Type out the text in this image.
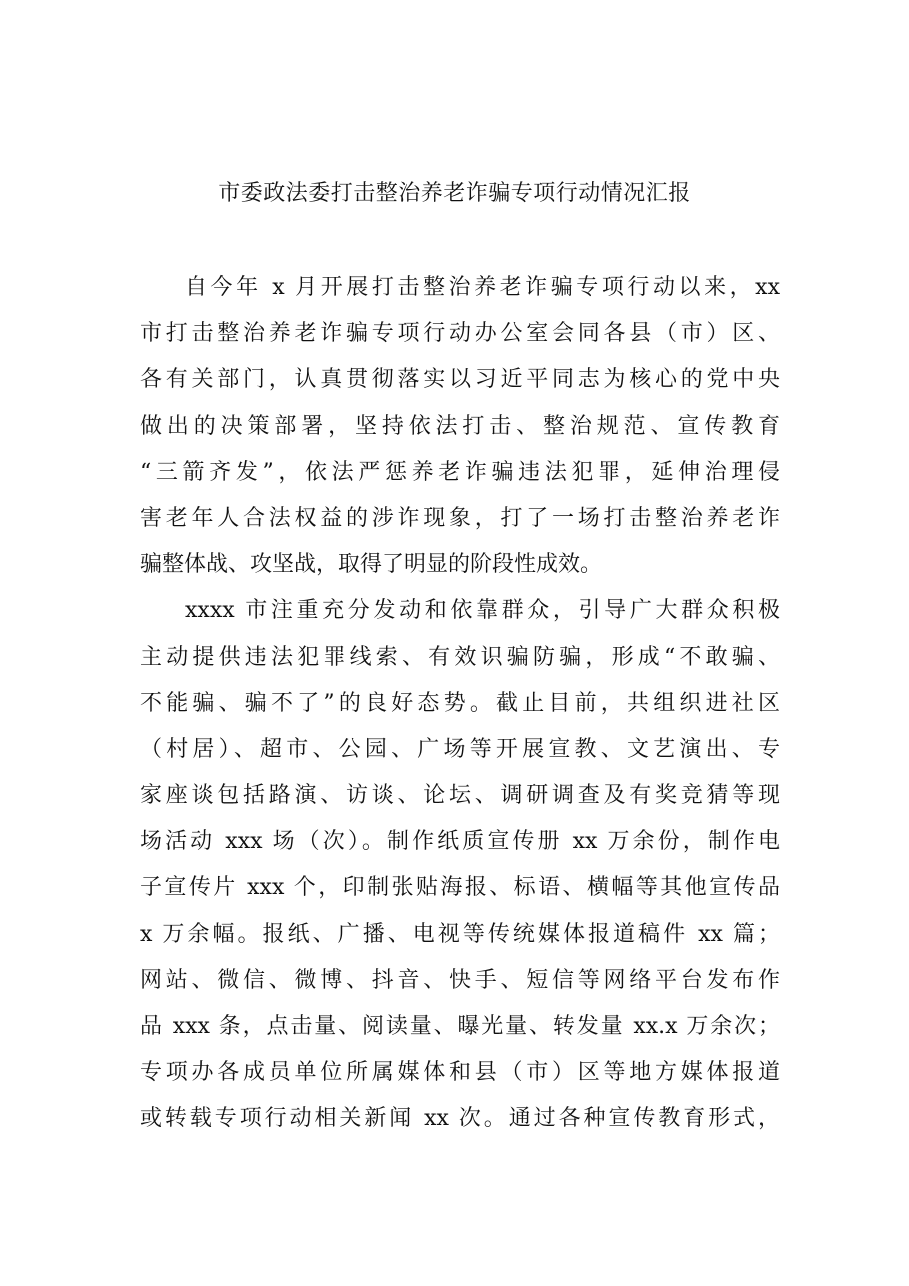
市委政法委打击整治养老诈骗专项行动情况汇报
自今年 x 月开展打击整治养老诈骗专项行动以来，xx
市打击整治养老诈骗专项行动办公室会同各县（市）区、
各有关部门，认真贯彻落实以习近平同志为核心的党中央
做出的决策部署，坚持依法打击、整治规范、宣传教育
“三箭齐发”，依法严惩养老诈骗违法犯罪，延伸治理侵
害老年人合法权益的涉诈现象，打了一场打击整治养老诈
骗整体战、攻坚战，取得了明显的阶段性成效。
xxxx 市注重充分发动和依靠群众，引导广大群众积极
主动提供违法犯罪线索、有效识骗防骗，形成“不敢骗、
不能骗、骗不了”的良好态势。截止目前，共组织进社区
（村居）、超市、公园、广场等开展宣教、文艺演出、专
家座谈包括路演、访谈、论坛、调研调查及有奖竞猜等现
场活动 xxx 场（次）。制作纸质宣传册 xx 万余份，制作电
子宣传片 xxx 个，印制张贴海报、标语、横幅等其他宣传品
x 万余幅。报纸、广播、电视等传统媒体报道稿件 xx 篇；
网站、微信、微博、抖音、快手、短信等网络平台发布作
品 xxx 条，点击量、阅读量、曝光量、转发量 xx.x 万余次；
专项办各成员单位所属媒体和县（市）区等地方媒体报道
或转载专项行动相关新闻 xx 次。通过各种宣传教育形式，
